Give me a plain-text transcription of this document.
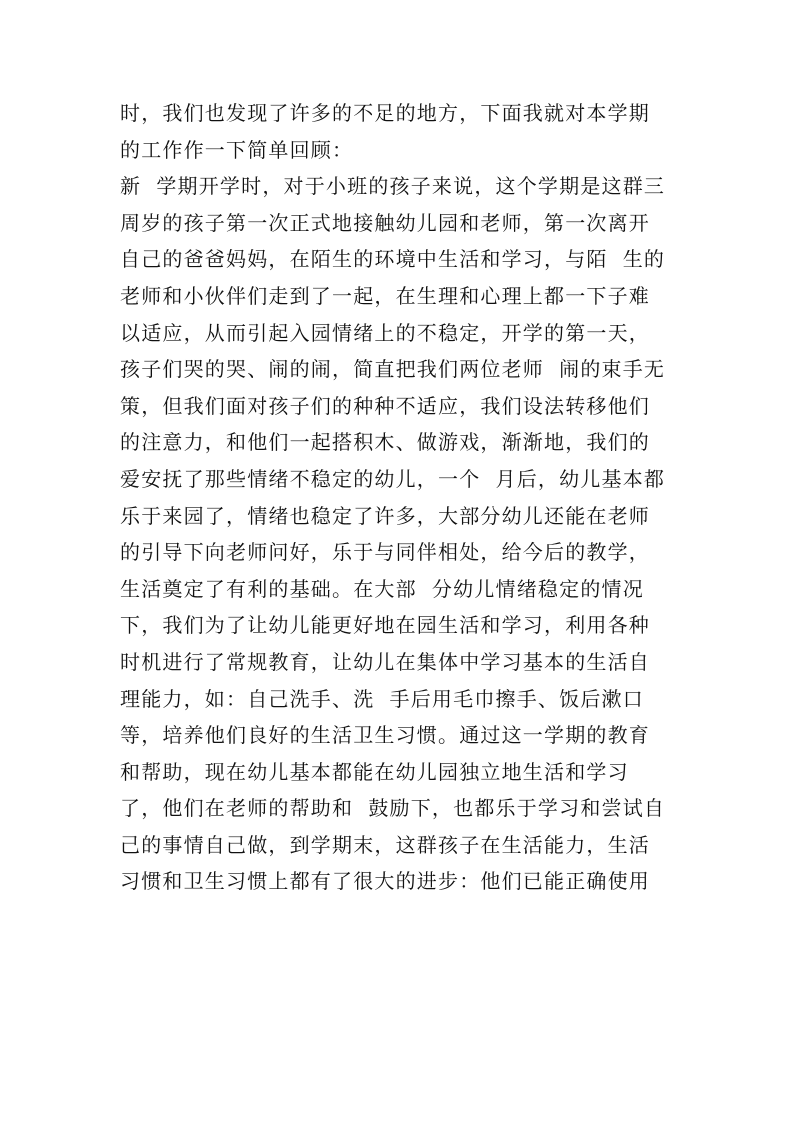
时，我们也发现了许多的不足的地方，下面我就对本学期
的工作作一下简单回顾：
新  学期开学时，对于小班的孩子来说，这个学期是这群三
周岁的孩子第一次正式地接触幼儿园和老师，第一次离开
自己的爸爸妈妈，在陌生的环境中生活和学习，与陌  生的
老师和小伙伴们走到了一起，在生理和心理上都一下子难
以适应，从而引起入园情绪上的不稳定，开学的第一天，
孩子们哭的哭、闹的闹，简直把我们两位老师  闹的束手无
策，但我们面对孩子们的种种不适应，我们设法转移他们
的注意力，和他们一起搭积木、做游戏，渐渐地，我们的
爱安抚了那些情绪不稳定的幼儿，一个  月后，幼儿基本都
乐于来园了，情绪也稳定了许多，大部分幼儿还能在老师
的引导下向老师问好，乐于与同伴相处，给今后的教学，
生活奠定了有利的基础。在大部  分幼儿情绪稳定的情况
下，我们为了让幼儿能更好地在园生活和学习，利用各种
时机进行了常规教育，让幼儿在集体中学习基本的生活自
理能力，如：自己洗手、洗  手后用毛巾擦手、饭后漱口
等，培养他们良好的生活卫生习惯。通过这一学期的教育
和帮助，现在幼儿基本都能在幼儿园独立地生活和学习
了，他们在老师的帮助和  鼓励下，也都乐于学习和尝试自
己的事情自己做，到学期末，这群孩子在生活能力，生活
习惯和卫生习惯上都有了很大的进步：他们已能正确使用
